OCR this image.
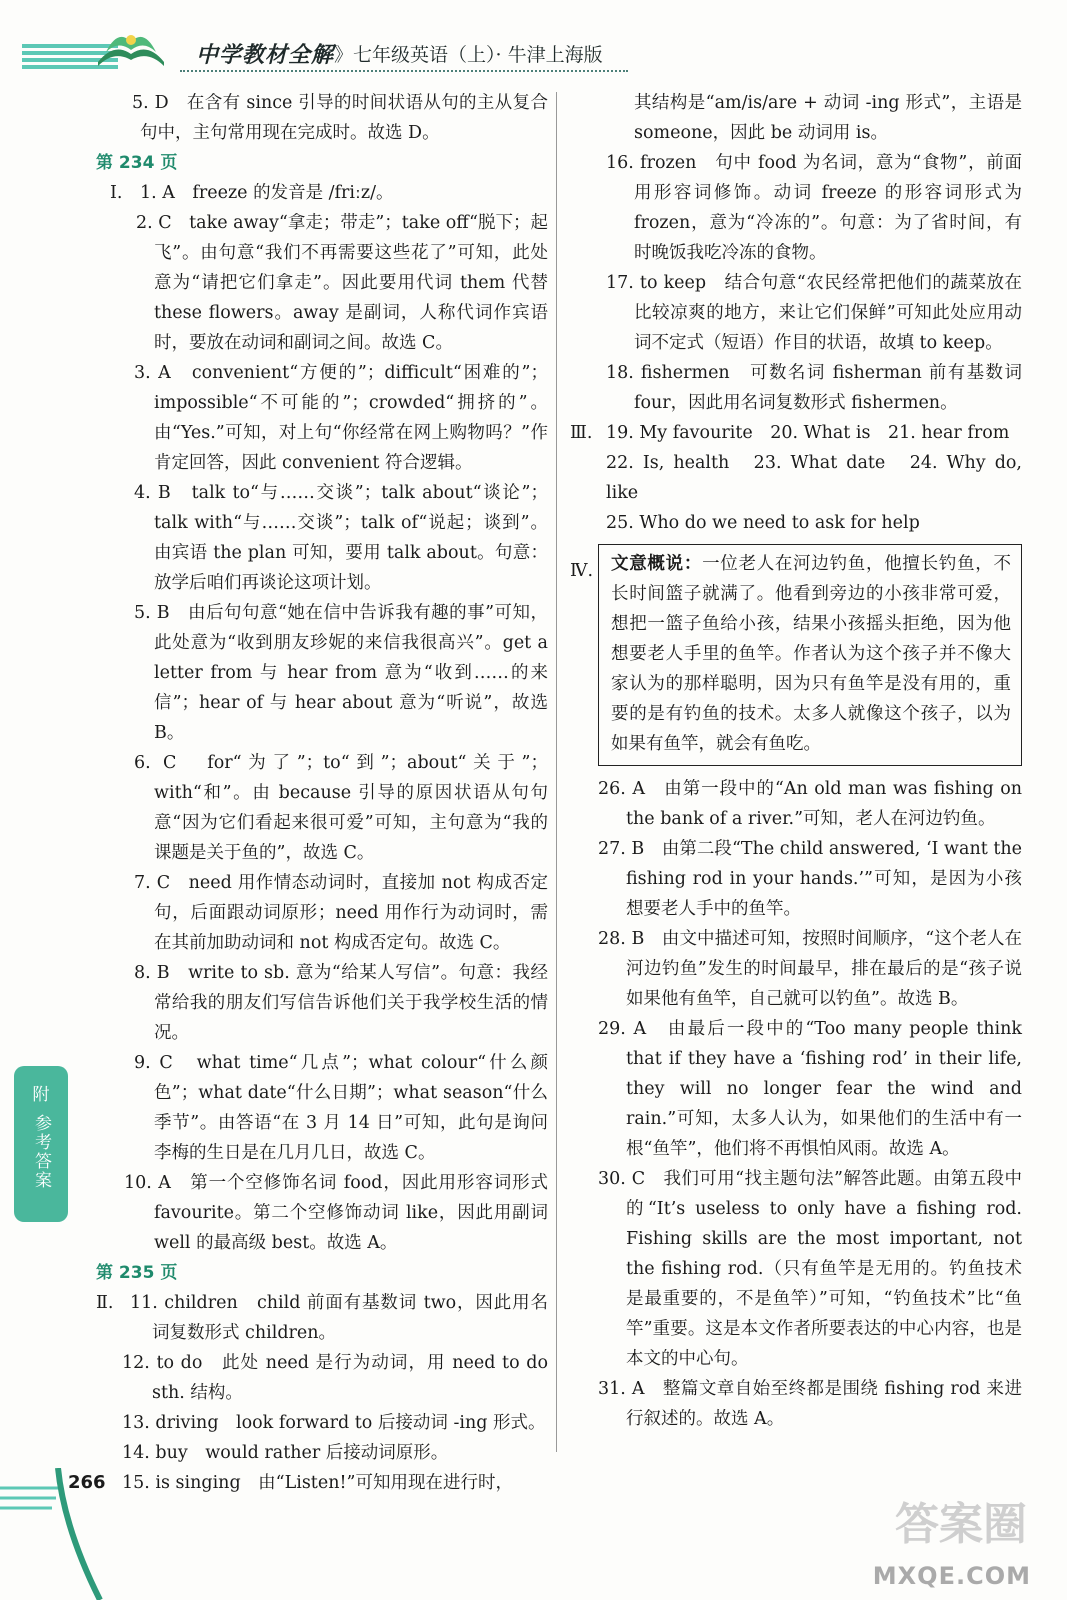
中学教材全解 》七年级英语（上）· 牛津上海版

5. D　在含有 since 引导的时间状语从句的主从复合句中，主句常用现在完成时。故选 D。

第 234 页

Ⅰ.	1. A　freeze 的发音是 /friːz/。

2. C　take away“拿走；带走”；take off“脱下；起飞”。由句意“我们不再需要这些花了”可知，此处意为“请把它们拿走”。因此要用代词 them 代替 these flowers。away 是副词，人称代词作宾语时，要放在动词和副词之间。故选 C。

3. A　convenient“方便的”；difficult“困难的”；impossible“不可能的”；crowded“拥挤的”。由“Yes.”可知，对上句“你经常在网上购物吗？”作肯定回答，因此 convenient 符合逻辑。

4. B　talk to“与……交谈”；talk about“谈论”；talk with“与……交谈”；talk of“说起；谈到”。由宾语 the plan 可知，要用 talk about。句意：放学后咱们再谈论这项计划。

5. B　由后句句意“她在信中告诉我有趣的事”可知，此处意为“收到朋友珍妮的来信我很高兴”。get a letter from 与 hear from 意为“收到……的来信”；hear of 与 hear about 意为“听说”，故选 B。

6. C　for“为了”；to“到”；about“关于”；with“和”。由 because 引导的原因状语从句句意“因为它们看起来很可爱”可知，主句意为“我的课题是关于鱼的”，故选 C。

7. C　need 用作情态动词时，直接加 not 构成否定句，后面跟动词原形；need 用作行为动词时，需在其前加助动词和 not 构成否定句。故选 C。

8. B　write to sb. 意为“给某人写信”。句意：我经常给我的朋友们写信告诉他们关于我学校生活的情况。

9. C　what time“几点”；what colour“什么颜色”；what date“什么日期”；what season“什么季节”。由答语“在 3 月 14 日”可知，此句是询问李梅的生日是在几月几日，故选 C。

10. A　第一个空修饰名词 food，因此用形容词形式 favourite。第二个空修饰动词 like，因此用副词 well 的最高级 best。故选 A。

第 235 页

Ⅱ. 11. children　child 前面有基数词 two，因此用名词复数形式 children。

12. to do　此处 need 是行为动词，用 need to do sth. 结构。

13. driving　look forward to 后接动词 -ing 形式。

14. buy　would rather 后接动词原形。

15. is singing　由“Listen!”可知用现在进行时，

其结构是“am/is/are + 动词 -ing 形式”，主语是 someone，因此 be 动词用 is。

16. frozen　句中 food 为名词，意为“食物”，前面用形容词修饰。动词 freeze 的形容词形式为 frozen，意为“冷冻的”。句意：为了省时间，有时晚饭我吃冷冻的食物。

17. to keep　结合句意“农民经常把他们的蔬菜放在比较凉爽的地方，来让它们保鲜”可知此处应用动词不定式（短语）作目的状语，故填 to keep。

18. fishermen　可数名词 fisherman 前有基数词 four，因此用名词复数形式 fishermen。

Ⅲ. 19. My favourite　20. What is　21. hear from

22. Is, health　23. What date　24. Why do, like

25. Who do we need to ask for help

Ⅳ.	文意概说：一位老人在河边钓鱼，他擅长钓鱼，不长时间篮子就满了。他看到旁边的小孩非常可爱，想把一篮子鱼给小孩，结果小孩摇头拒绝，因为他想要老人手里的鱼竿。作者认为这个孩子并不像大家认为的那样聪明，因为只有鱼竿是没有用的，重要的是有钓鱼的技术。太多人就像这个孩子，以为如果有鱼竿，就会有鱼吃。

26. A　由第一段中的“An old man was fishing on the bank of a river.”可知，老人在河边钓鱼。

27. B　由第二段“The child answered, ‘I want the fishing rod in your hands.’”可知，是因为小孩想要老人手中的鱼竿。

28. B　由文中描述可知，按照时间顺序，“这个老人在河边钓鱼”发生的时间最早，排在最后的是“孩子说如果他有鱼竿，自己就可以钓鱼”。故选 B。

29. A　由最后一段中的“Too many people think that if they have a ‘fishing rod’ in their life, they will no longer fear the wind and rain.”可知，太多人认为，如果他们的生活中有一根“鱼竿”，他们将不再惧怕风雨。故选 A。

30. C　我们可用“找主题句法”解答此题。由第五段中的“It’s useless to only have a fishing rod. Fishing skills are the most important, not the fishing rod.（只有鱼竿是无用的。钓鱼技术是最重要的，不是鱼竿）”可知，“钓鱼技术”比“鱼竿”重要。这是本文作者所要表达的中心内容，也是本文的中心句。

31. A　整篇文章自始至终都是围绕 fishing rod 来进行叙述的。故选 A。

附
参考答案
266
答案圈
MXQE.COM
